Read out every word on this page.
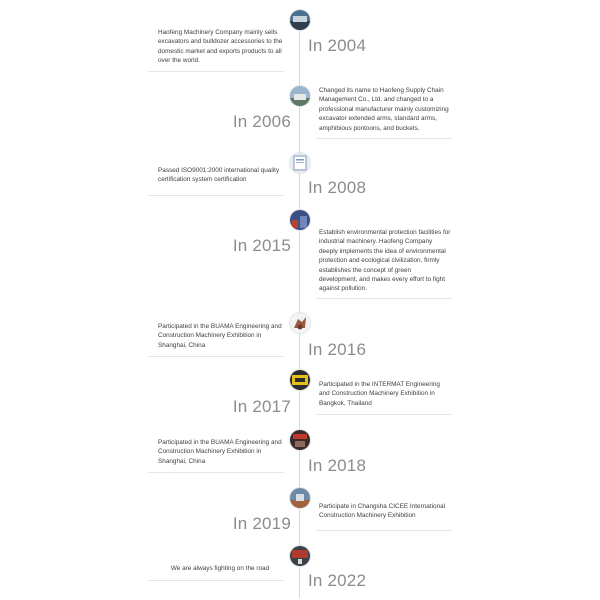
Haofeng Machinery Company mainly sells excavators and bulldozer accessories to the domestic market and exports products to all over the world.
In 2004
In 2006
Changed its name to Haofeng Supply Chain Management Co., Ltd. and changed to a professional manufacturer mainly customizing excavator extended arms, standard arms, amphibious pontoons, and buckets.
Passed ISO9001:2000 international quality certification system certification	In 2008
In 2015
Establish environmental protection facilities for industrial machinery. Haofeng Company deeply implements the idea of environmental protection and ecological civilization, firmly establishes the concept of green development, and makes every effort to fight against pollution.
Participated in the BUAMA Engineering and Construction Machinery Exhibition in Shanghai, China	In 2016
In 2017
Participated in the INTERMAT Engineering and Construction Machinery Exhibition in Bangkok, Thailand
Participated in the BUAMA Engineering and Construction Machinery Exhibition in Shanghai, China	In 2018
In 2019
Participate in Changsha CICEE International Construction Machinery Exhibition
We are always fighting on the road
In 2022
